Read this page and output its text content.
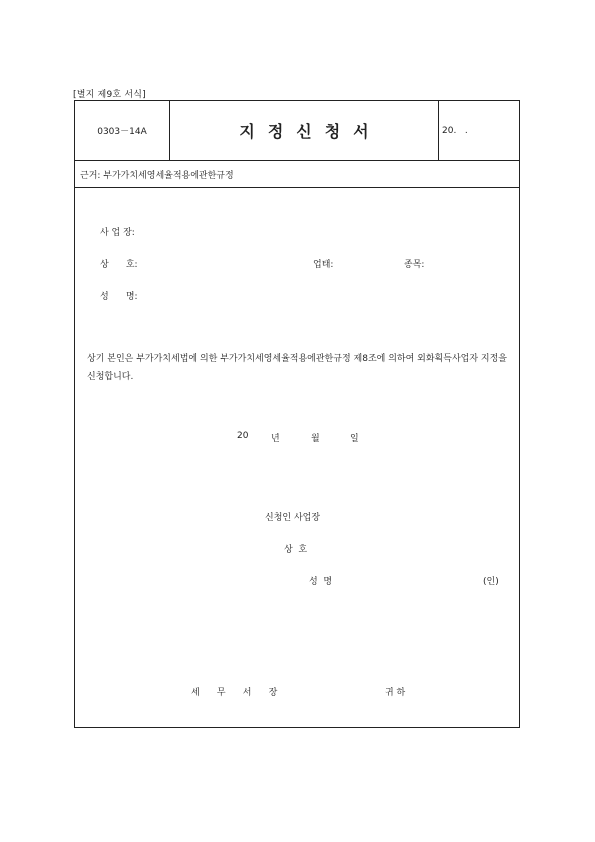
[별지 제9호 서식]
0303－14A	지정신청서	20.   .
근거: 부가가치세영세율적용에관한규정
사 업 장:
상      호:	업태:	종목:
성      명:
상기 본인은 부가가치세법에 의한 부가가치세영세율적용에관한규정 제8조에 의하여 외화획득사업자 지정을 신청합니다.
20	년	월	일
신청인 사업장
상  호
성  명	(인)
세      무      서      장	귀 하
